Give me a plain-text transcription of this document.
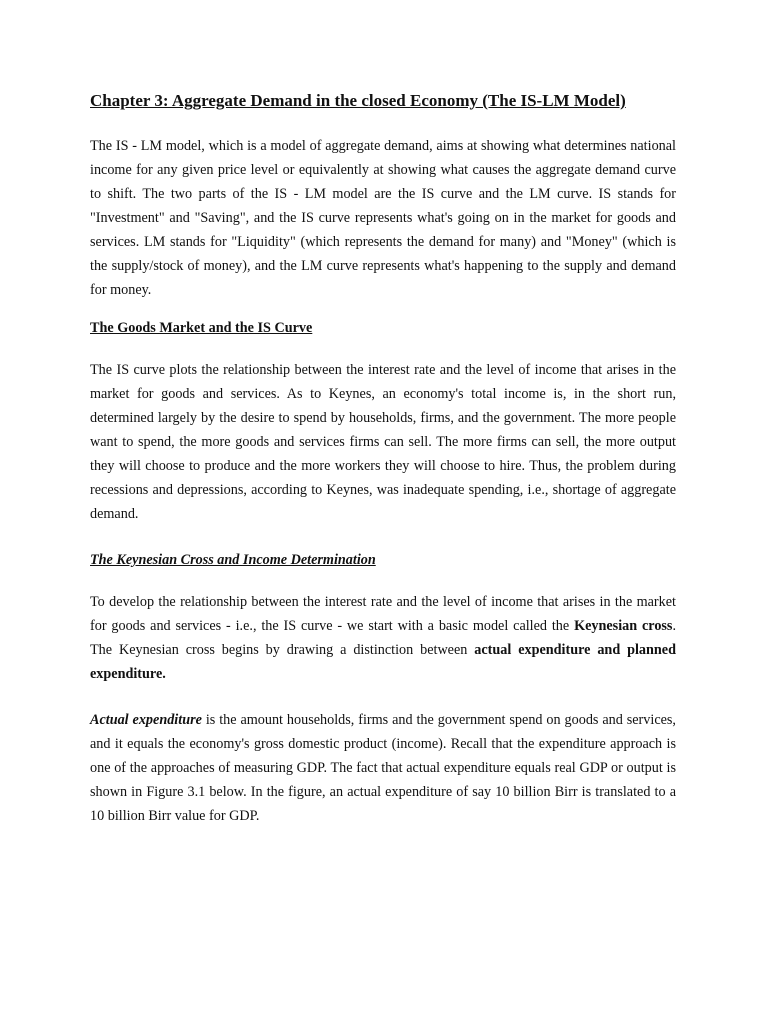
Chapter 3: Aggregate Demand in the closed Economy (The IS-LM Model)

The IS - LM model, which is a model of aggregate demand, aims at showing what determines national income for any given price level or equivalently at showing what causes the aggregate demand curve to shift. The two parts of the IS - LM model are the IS curve and the LM curve. IS stands for "Investment" and "Saving", and the IS curve represents what's going on in the market for goods and services. LM stands for "Liquidity" (which represents the demand for many) and "Money" (which is the supply/stock of money), and the LM curve represents what's happening to the supply and demand for money.

The Goods Market and the IS Curve

The IS curve plots the relationship between the interest rate and the level of income that arises in the market for goods and services. As to Keynes, an economy's total income is, in the short run, determined largely by the desire to spend by households, firms, and the government. The more people want to spend, the more goods and services firms can sell. The more firms can sell, the more output they will choose to produce and the more workers they will choose to hire. Thus, the problem during recessions and depressions, according to Keynes, was inadequate spending, i.e., shortage of aggregate demand.

The Keynesian Cross and Income Determination

To develop the relationship between the interest rate and the level of income that arises in the market for goods and services - i.e., the IS curve - we start with a basic model called the Keynesian cross. The Keynesian cross begins by drawing a distinction between actual expenditure and planned expenditure.

Actual expenditure is the amount households, firms and the government spend on goods and services, and it equals the economy's gross domestic product (income). Recall that the expenditure approach is one of the approaches of measuring GDP. The fact that actual expenditure equals real GDP or output is shown in Figure 3.1 below. In the figure, an actual expenditure of say 10 billion Birr is translated to a 10 billion Birr value for GDP.
